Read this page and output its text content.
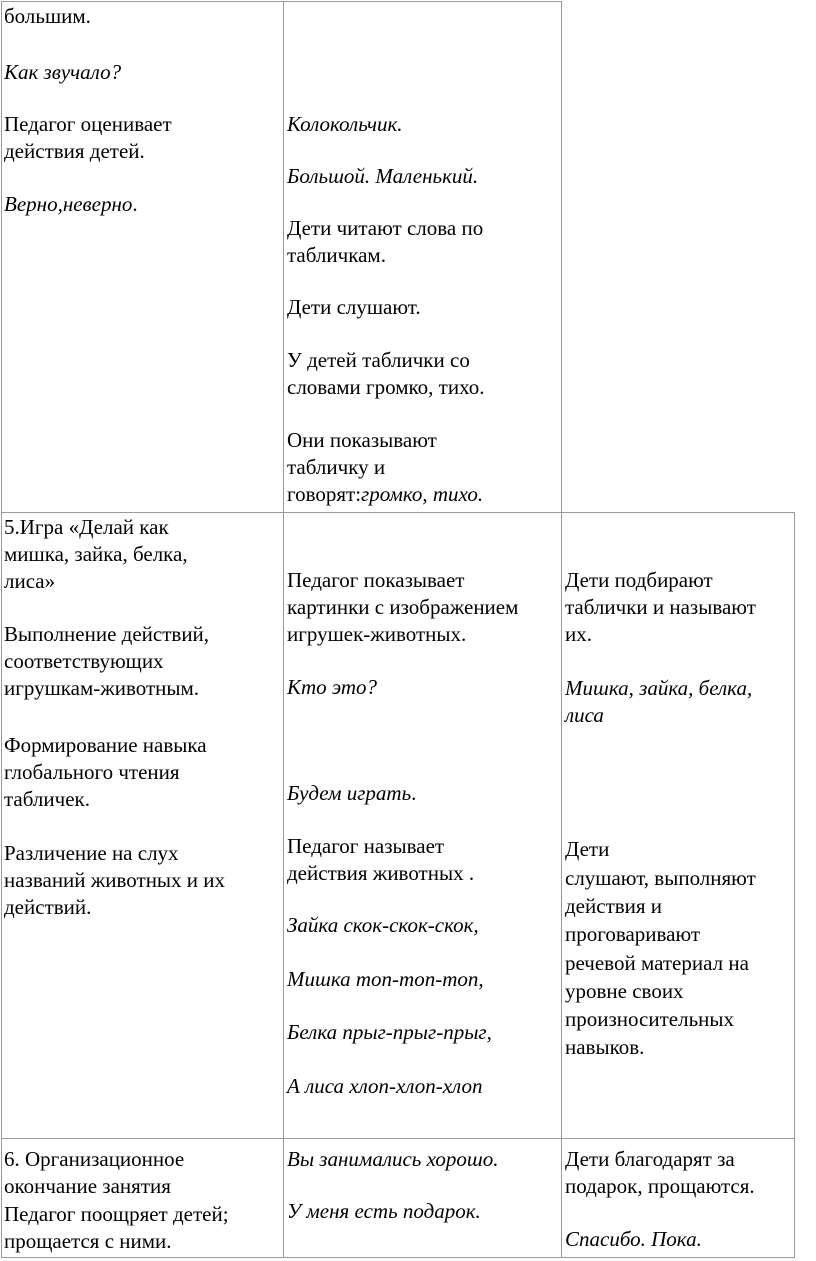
большим.

Как звучало?

Педагог оценивает

действия детей.

Верно,неверно.

Колокольчик.

Большой. Маленький.

Дети читают слова по

табличкам.

Дети слушают.

У детей таблички со

словами громко, тихо.

Они показывают

табличку и

говорят:громко, тихо.

5.Игра «Делай как

мишка, зайка, белка,

лиса»

Выполнение действий,

соответствующих

игрушкам-животным.

Формирование навыка

глобального чтения

табличек.

Различение на слух

названий животных и их

действий.

Педагог показывает

картинки с изображением

игрушек-животных.

Кто это?

Будем играть.

Педагог называет

действия животных .

Зайка скок-скок-скок,

Мишка топ-топ-топ,

Белка прыг-прыг-прыг,

А лиса хлоп-хлоп-хлоп

Дети подбирают

таблички и называют

их.

Мишка, зайка, белка,

лиса

Дети

слушают, выполняют

действия и

проговаривают

речевой материал на

уровне своих

произносительных

навыков.

6. Организационное

окончание занятия

Педагог поощряет детей;

прощается с ними.

Вы занимались хорошо.

У меня есть подарок.

Дети благодарят за

подарок, прощаются.

Спасибо. Пока.
